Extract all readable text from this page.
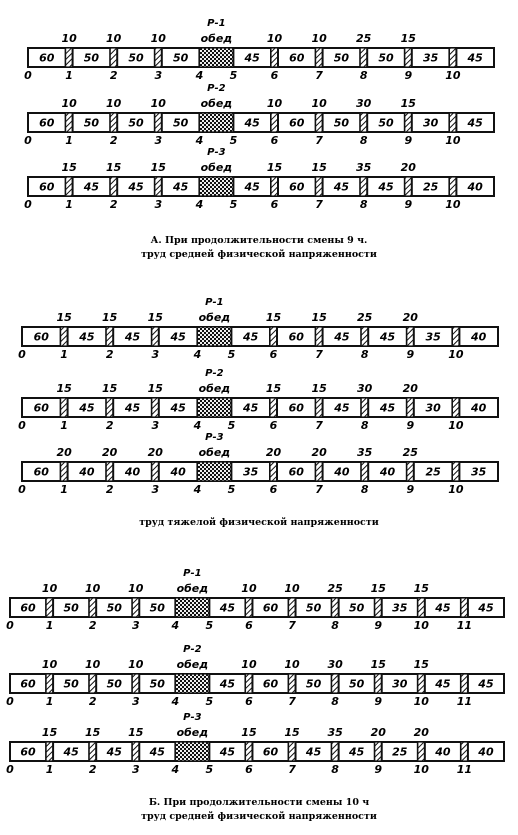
60
10
50
10
50
10
50
Р-1
обед
45
10
60
10
50
25
50
15
35	45
0	1	2	3	4 5	6	7	8	9	10
60
10
50
10
50
10
50
Р-2
обед
45
10
60
10
50
30
50
15
30	45
0	1	2	3	4 5	6	7	8	9	10
60
15
45
15
45
15
45
Р-3
обед
45
15
60
15
45
35
45
20
25	40
0	1	2	3	4 5	6	7	8	9	10
А. При продолжительности смены 9 ч.
труд средней физической напряженности
60
15
45
15
45
15
45
Р-1
обед
45
15
60
15
45
25
45
20
35	40
0	1	2	3	4 5	6	7	8	9	10
60
15
45
15
45
15
45
Р-2
обед
45
15
60
15
45
30
45
20
30	40
0	1	2	3	4 5	6	7	8	9	10
60
20
40
20
40
20
40
Р-3
обед
35
20
60
20
40
35
40
25
25	35
0	1	2	3	4 5	6	7	8	9	10
труд тяжелой физической напряженности
60
10
50
10
50
10
50
Р-1
обед
45
10
60
10
50
25
50
15
35
15
45	45
0	1	2	3	4 5	6	7	8	9	10	11
60
10
50
10
50
10
50
Р-2
обед
45
10
60
10
50
30
50
15
30
15
45	45
0	1	2	3	4 5	6	7	8	9	10	11
60
15
45
15
45
15
45
Р-3
обед
45
15
60
15
45
35
45
20
25
20
40	40
0	1	2	3	4 5	6	7	8	9	10	11
Б. При продолжительности смены 10 ч
труд средней физической напряженности
